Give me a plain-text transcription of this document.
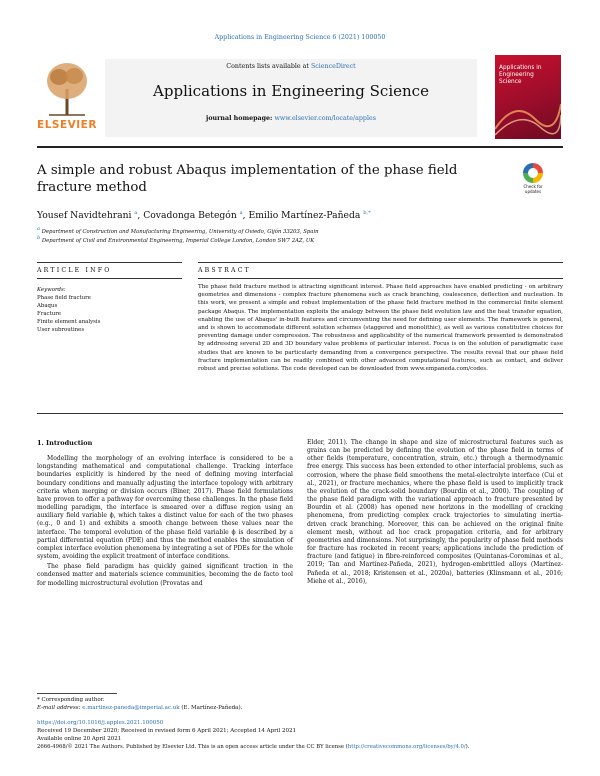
Applications in Engineering Science 6 (2021) 100050
ELSEVIER
Contents lists available at ScienceDirect
Applications in Engineering Science
journal homepage: www.elsevier.com/locate/apples
Applications in Engineering Science
A simple and robust Abaqus implementation of the phase field fracture method	Check for updates
Yousef Navidtehrani $^a$, Covadonga Betegón $^a$, Emilio Martínez-Pañeda $^{b,*}$
$^a$ Department of Construction and Manufacturing Engineering, University of Oviedo, Gijón 33203, Spain
$^b$ Department of Civil and Environmental Engineering, Imperial College London, London SW7 2AZ, UK
ARTICLE INFO	ABSTRACT
Keywords:
Phase field fracture
Abaqus
Fracture
Finite element analysis
User subroutines
The phase field fracture method is attracting significant interest. Phase field approaches have enabled predicting - on arbitrary geometries and dimensions - complex fracture phenomena such as crack branching, coalescence, deflection and nucleation. In this work, we present a simple and robust implementation of the phase field fracture method in the commercial finite element package Abaqus. The implementation exploits the analogy between the phase field evolution law and the heat transfer equation, enabling the use of Abaqus' in-built features and circumventing the need for defining user elements. The framework is general, and is shown to accommodate different solution schemes (staggered and monolithic), as well as various constitutive choices for preventing damage under compression. The robustness and applicability of the numerical framework presented is demonstrated by addressing several 2D and 3D boundary value problems of particular interest. Focus is on the solution of paradigmatic case studies that are known to be particularly demanding from a convergence perspective. The results reveal that our phase field fracture implementation can be readily combined with other advanced computational features, such as contact, and deliver robust and precise solutions. The code developed can be downloaded from www.empaneda.com/codes.
1. Introduction

Modelling the morphology of an evolving interface is considered to be a longstanding mathematical and computational challenge. Tracking interface boundaries explicitly is hindered by the need of defining moving interfacial boundary conditions and manually adjusting the interface topology with arbitrary criteria when merging or division occurs (Biner, 2017). Phase field formulations have proven to offer a pathway for overcoming these challenges. In the phase field modelling paradigm, the interface is smeared over a diffuse region using an auxiliary field variable ϕ, which takes a distinct value for each of the two phases (e.g., 0 and 1) and exhibits a smooth change between these values near the interface. The temporal evolution of the phase field variable ϕ is described by a partial differential equation (PDE) and thus the method enables the simulation of complex interface evolution phenomena by integrating a set of PDEs for the whole system, avoiding the explicit treatment of interface conditions.

The phase field paradigm has quickly gained significant traction in the condensed matter and materials science communities, becoming the de facto tool for modelling microstructural evolution (Provatas and

Elder, 2011). The change in shape and size of microstructural features such as grains can be predicted by defining the evolution of the phase field in terms of other fields (temperature, concentration, strain, etc.) through a thermodynamic free energy. This success has been extended to other interfacial problems, such as corrosion, where the phase field smoothens the metal-electrolyte interface (Cui et al., 2021), or fracture mechanics, where the phase field is used to implicitly track the evolution of the crack-solid boundary (Bourdin et al., 2000). The coupling of the phase field paradigm with the variational approach to fracture presented by Bourdin et al. (2008) has opened new horizons in the modelling of cracking phenomena, from predicting complex crack trajectories to simulating inertia-driven crack branching. Moreover, this can be achieved on the original finite element mesh, without ad hoc crack propagation criteria, and for arbitrary geometries and dimensions. Not surprisingly, the popularity of phase field methods for fracture has rocketed in recent years; applications include the prediction of fracture (and fatigue) in fibre-reinforced composites (Quintanas-Corominas et al., 2019; Tan and Martínez-Pañeda, 2021), hydrogen-embrittled alloys (Martínez-Pañeda et al., 2018; Kristensen et al., 2020a), batteries (Klinsmann et al., 2016; Miehe et al., 2016),

* Corresponding author.
E-mail address: e.martinez-paneda@imperial.ac.uk (E. Martínez-Pañeda).
https://doi.org/10.1016/j.apples.2021.100050
Received 19 December 2020; Received in revised form 6 April 2021; Accepted 14 April 2021
Available online 20 April 2021
2666-4968/© 2021 The Authors. Published by Elsevier Ltd. This is an open access article under the CC BY license (http://creativecommons.org/licenses/by/4.0/).
